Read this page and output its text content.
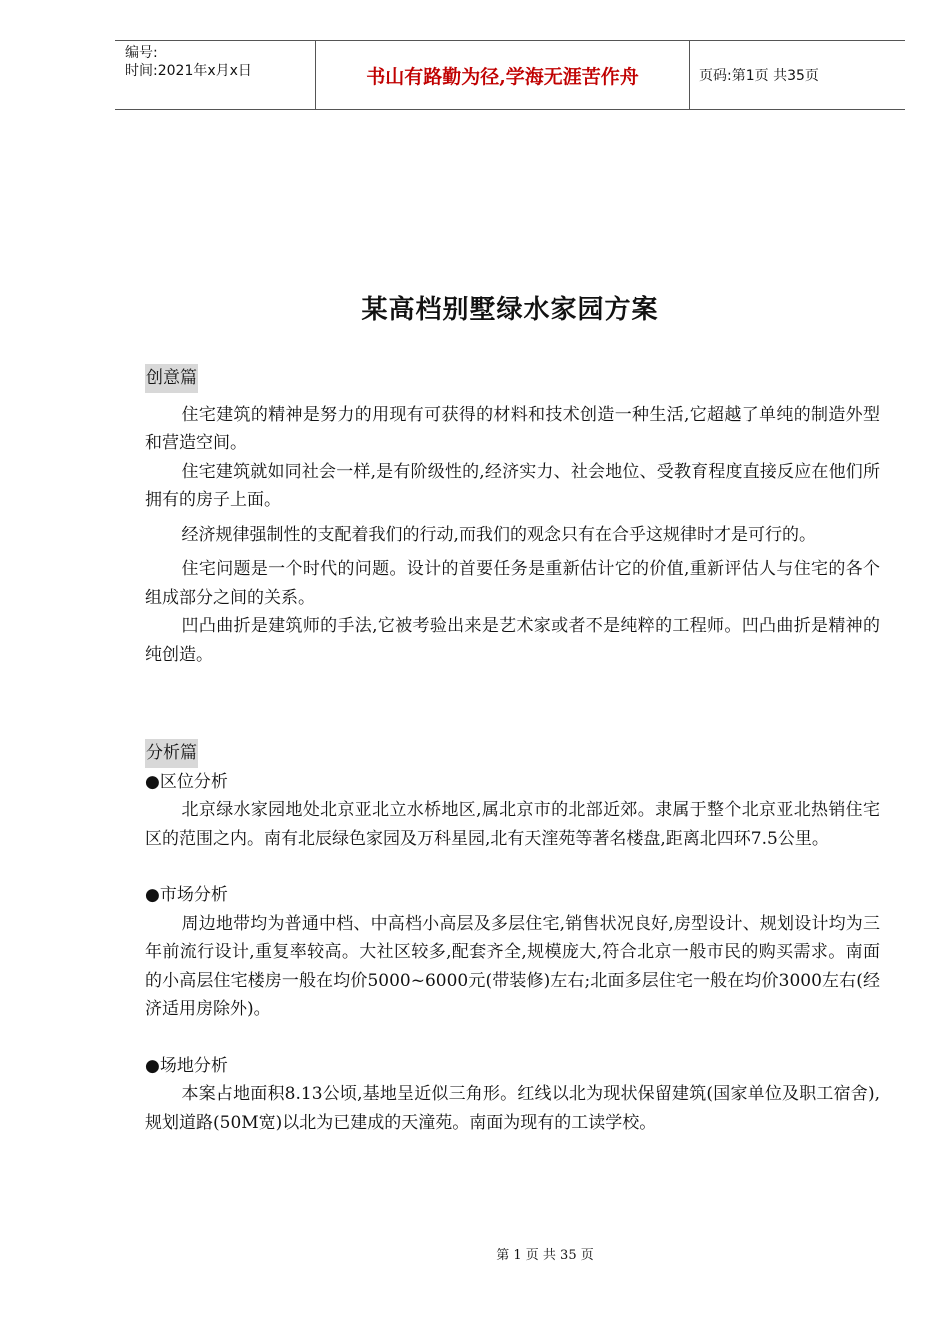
编号:
时间:2021年x月x日	书山有路勤为径,学海无涯苦作舟	页码:第1页 共35页
某高档别墅绿水家园方案
创意篇

住宅建筑的精神是努力的用现有可获得的材料和技术创造一种生活,它超越了单纯的制造外型和营造空间。

住宅建筑就如同社会一样,是有阶级性的,经济实力、社会地位、受教育程度直接反应在他们所拥有的房子上面。

经济规律强制性的支配着我们的行动,而我们的观念只有在合乎这规律时才是可行的。

住宅问题是一个时代的问题。设计的首要任务是重新估计它的价值,重新评估人与住宅的各个组成部分之间的关系。

凹凸曲折是建筑师的手法,它被考验出来是艺术家或者不是纯粹的工程师。凹凸曲折是精神的纯创造。

分析篇
●区位分析

北京绿水家园地处北京亚北立水桥地区,属北京市的北部近郊。隶属于整个北京亚北热销住宅区的范围之内。南有北辰绿色家园及万科星园,北有天漥苑等著名楼盘,距离北四环7.5公里。

●市场分析

周边地带均为普通中档、中高档小高层及多层住宅,销售状况良好,房型设计、规划设计均为三年前流行设计,重复率较高。大社区较多,配套齐全,规模庞大,符合北京一般市民的购买需求。南面的小高层住宅楼房一般在均价5000~6000元(带装修)左右;北面多层住宅一般在均价3000左右(经济适用房除外)。

●场地分析

本案占地面积8.13公顷,基地呈近似三角形。红线以北为现状保留建筑(国家单位及职工宿舍),规划道路(50M宽)以北为已建成的天潼苑。南面为现有的工读学校。

第 1 页 共 35 页
